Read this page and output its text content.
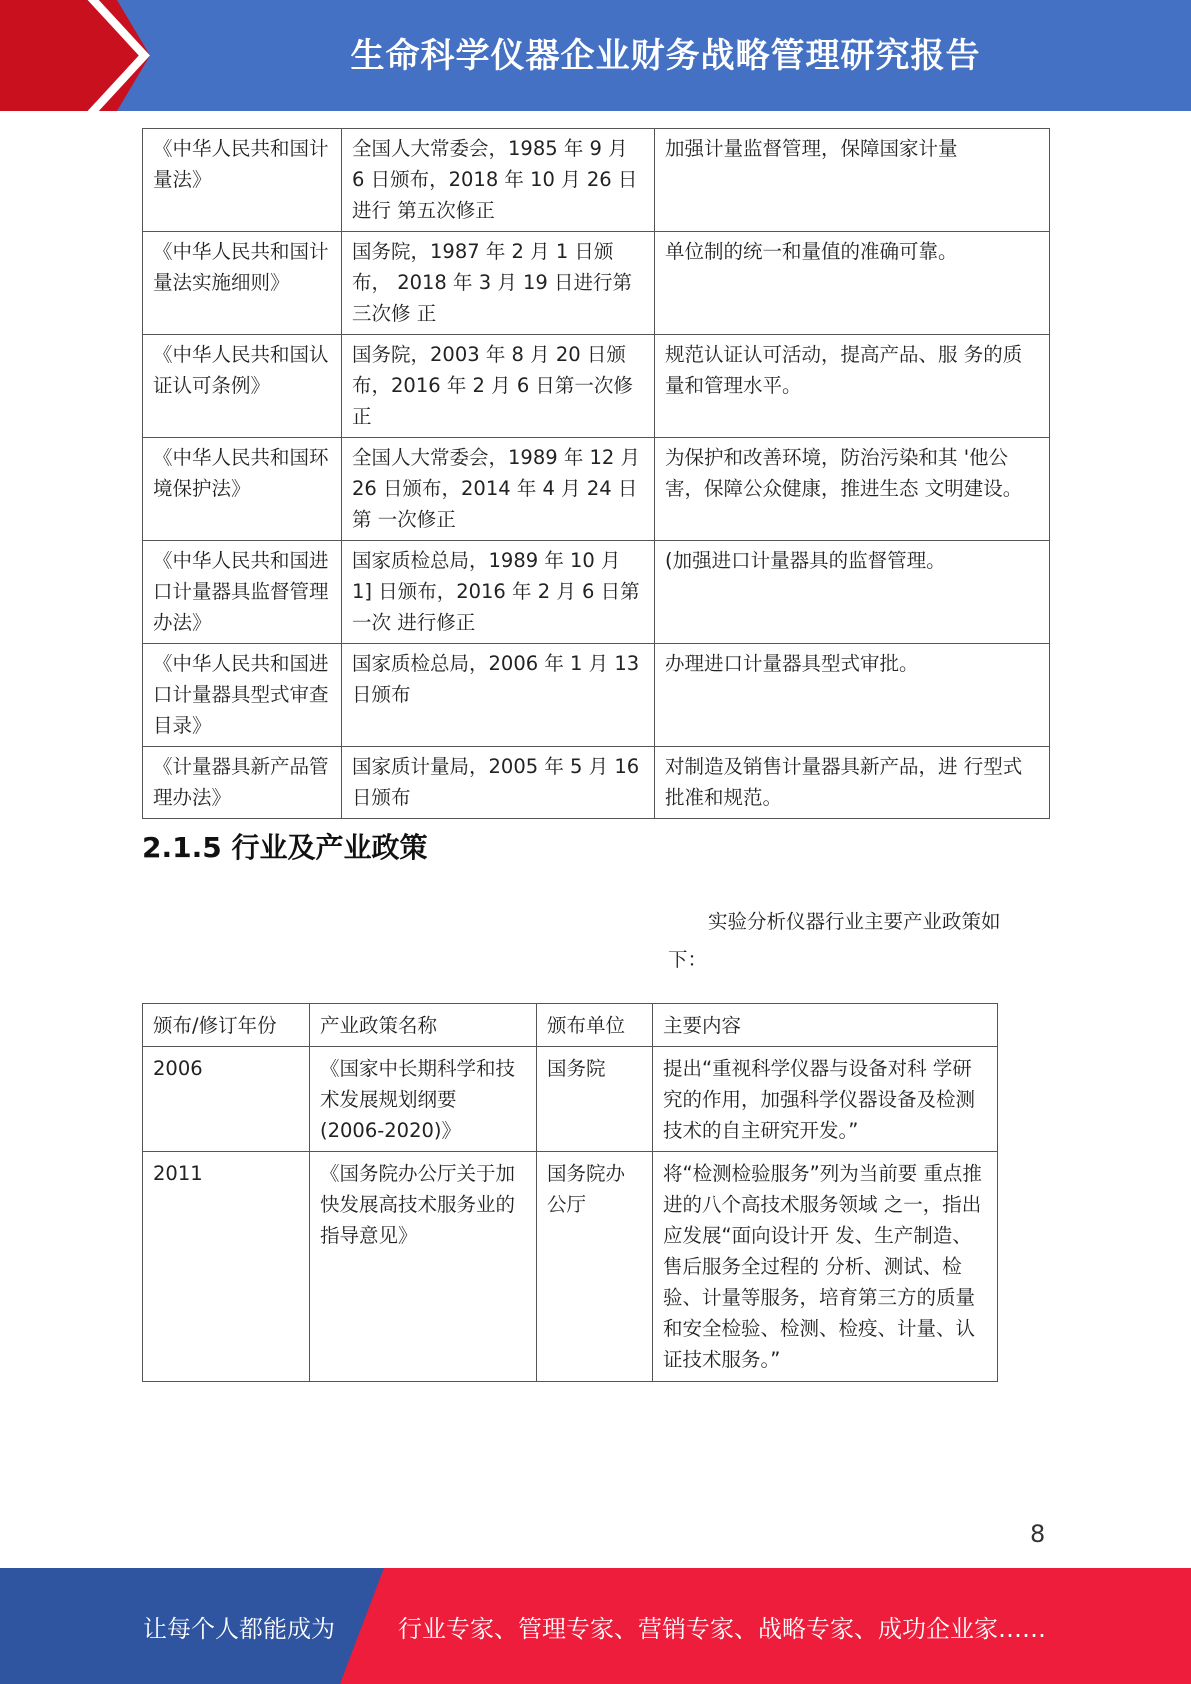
生命科学仪器企业财务战略管理研究报告
《中华人民共和国计 量法》	全国人大常委会，1985 年 9 月 6 日颁布，2018 年 10 月 26 日进行 第五次修正	加强计量监督管理，保障国家计量
《中华人民共和国计 量法实施细则》	国务院，1987 年 2 月 1 日颁布， 2018 年 3 月 19 日进行第三次修 正	单位制的统一和量值的准确可靠。
《中华人民共和国认 证认可条例》	国务院，2003 年 8 月 20 日颁布，2016 年 2 月 6 日第一次修正	规范认证认可活动，提高产品、服 务的质量和管理水平。
《中华人民共和国环 境保护法》	全国人大常委会，1989 年 12 月 26 日颁布，2014 年 4 月 24 日第 一次修正	为保护和改善环境，防治污染和其 '他公害，保障公众健康，推进生态 文明建设。
《中华人民共和国进 口计量器具监督管理 办法》	国家质检总局，1989 年 10 月 1] 日颁布，2016 年 2 月 6 日第一次 进行修正	(加强进口计量器具的监督管理。
《中华人民共和国进 口计量器具型式审查 目录》	国家质检总局，2006 年 1 月 13 日颁布	办理进口计量器具型式审批。
《计量器具新产品管 理办法》	国家质计量局，2005 年 5 月 16 日颁布	对制造及销售计量器具新产品，进 行型式批准和规范。
2.1.5 行业及产业政策
实验分析仪器行业主要产业政策如
下：
颁布/修订年份	产业政策名称	颁布单位	主要内容
2006	《国家中长期科学和技术发展规划纲要 (2006-2020)》	国务院	提出“重视科学仪器与设备对科 学研究的作用，加强科学仪器设备及检测技术的自主研究开发。”
2011	《国务院办公厅关于加快发展高技术服务业的指导意见》	国务院办公厅	将“检测检验服务”列为当前要 重点推进的八个高技术服务领域 之一，指出应发展“面向设计开 发、生产制造、售后服务全过程的 分析、测试、检验、计量等服务，培育第三方的质量和安全检验、检测、检疫、计量、认证技术服务。”
8
让每个人都能成为	行业专家、管理专家、营销专家、战略专家、成功企业家……
